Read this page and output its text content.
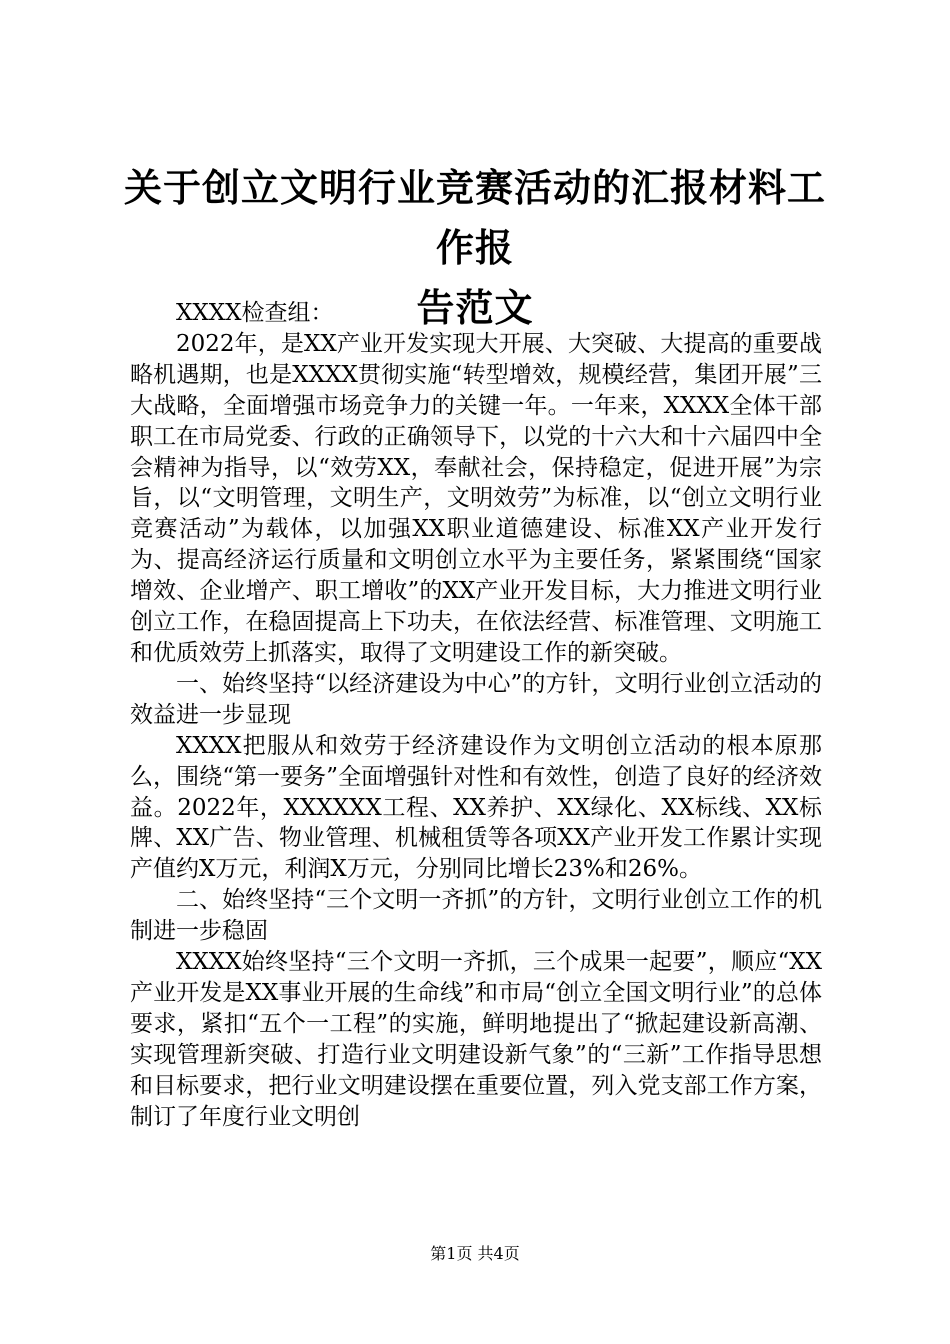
关于创立文明行业竞赛活动的汇报材料工作报
告范文

XXXX检查组：

2022年，是XX产业开发实现大开展、大突破、大提高的重要战略机遇期，也是XXXX贯彻实施“转型增效，规模经营，集团开展”三大战略，全面增强市场竞争力的关键一年。一年来，XXXX全体干部职工在市局党委、行政的正确领导下，以党的十六大和十六届四中全会精神为指导，以“效劳XX，奉献社会，保持稳定，促进开展”为宗旨，以“文明管理，文明生产，文明效劳”为标准，以“创立文明行业竞赛活动”为载体，以加强XX职业道德建设、标准XX产业开发行为、提高经济运行质量和文明创立水平为主要任务，紧紧围绕“国家增效、企业增产、职工增收”的XX产业开发目标，大力推进文明行业创立工作，在稳固提高上下功夫，在依法经营、标准管理、文明施工和优质效劳上抓落实，取得了文明建设工作的新突破。

一、始终坚持“以经济建设为中心”的方针，文明行业创立活动的效益进一步显现

XXXX把服从和效劳于经济建设作为文明创立活动的根本原那么，围绕“第一要务”全面增强针对性和有效性，创造了良好的经济效益。2022年，XXXXXX工程、XX养护、XX绿化、XX标线、XX标牌、XX广告、物业管理、机械租赁等各项XX产业开发工作累计实现产值约X万元，利润X万元，分别同比增长23%和26%。

二、始终坚持“三个文明一齐抓”的方针，文明行业创立工作的机制进一步稳固

XXXX始终坚持“三个文明一齐抓，三个成果一起要”，顺应“XX产业开发是XX事业开展的生命线”和市局“创立全国文明行业”的总体要求，紧扣“五个一工程”的实施，鲜明地提出了“掀起建设新高潮、实现管理新突破、打造行业文明建设新气象”的“三新”工作指导思想和目标要求，把行业文明建设摆在重要位置，列入党支部工作方案，制订了年度行业文明创

第1页 共4页
